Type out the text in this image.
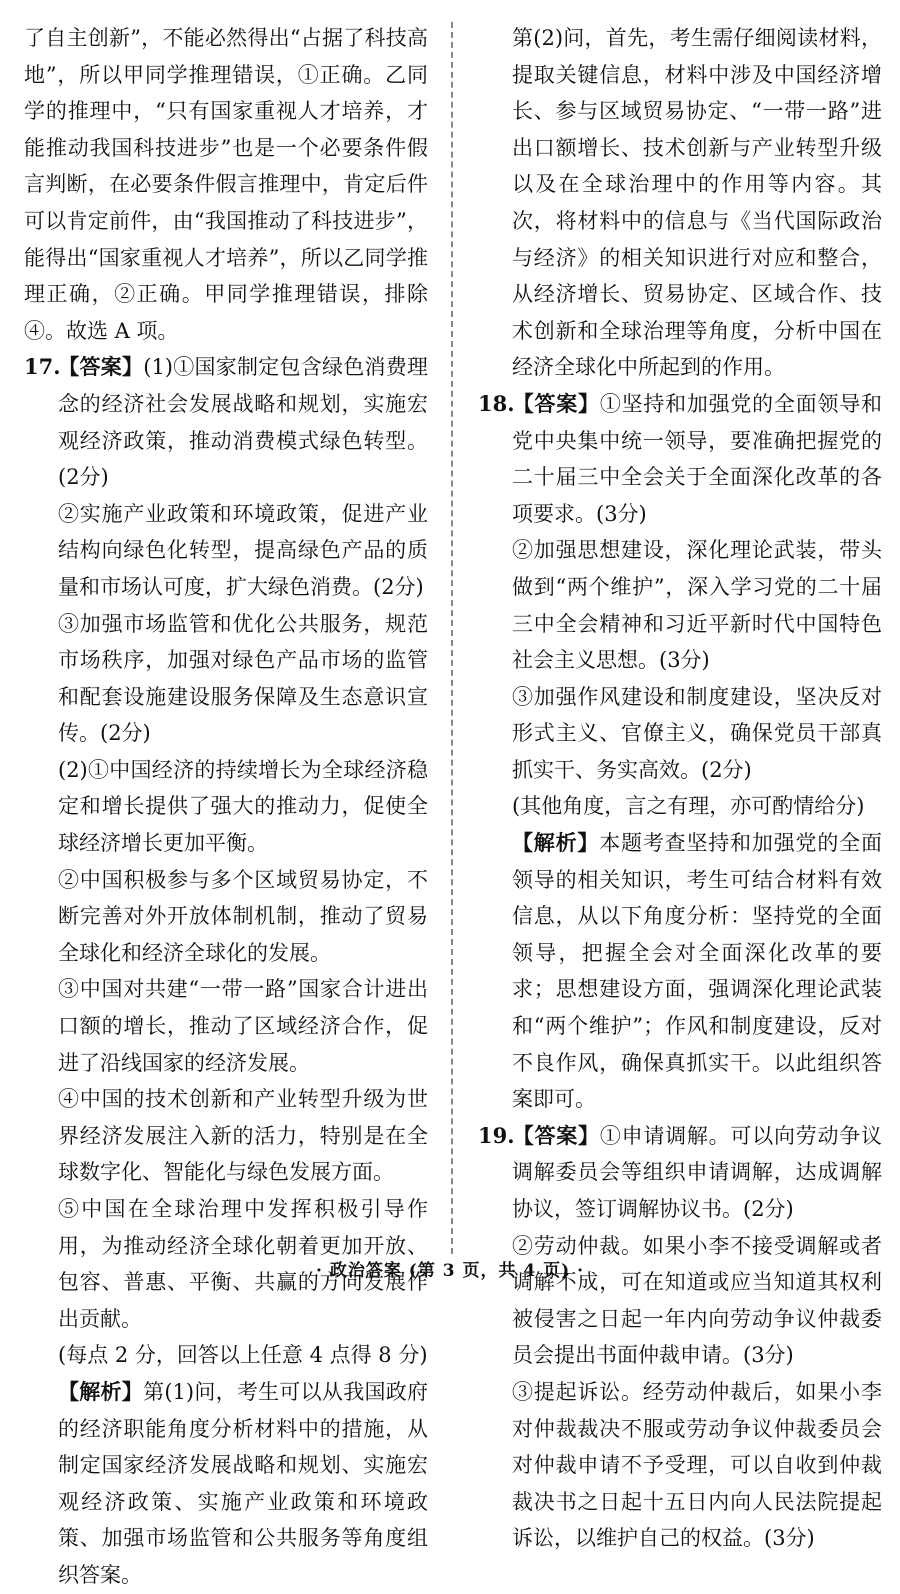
了自主创新”，不能必然得出“占据了科技高地”，所以甲同学推理错误，①正确。乙同学的推理中，“只有国家重视人才培养，才能推动我国科技进步”也是一个必要条件假言判断，在必要条件假言推理中，肯定后件可以肯定前件，由“我国推动了科技进步”，能得出“国家重视人才培养”，所以乙同学推理正确，②正确。甲同学推理错误，排除④。故选 A 项。

17.【答案】(1)①国家制定包含绿色消费理念的经济社会发展战略和规划，实施宏观经济政策，推动消费模式绿色转型。(2分)

②实施产业政策和环境政策，促进产业结构向绿色化转型，提高绿色产品的质量和市场认可度，扩大绿色消费。(2分)

③加强市场监管和优化公共服务，规范市场秩序，加强对绿色产品市场的监管和配套设施建设服务保障及生态意识宣传。(2分)

(2)①中国经济的持续增长为全球经济稳定和增长提供了强大的推动力，促使全球经济增长更加平衡。

②中国积极参与多个区域贸易协定，不断完善对外开放体制机制，推动了贸易全球化和经济全球化的发展。

③中国对共建“一带一路”国家合计进出口额的增长，推动了区域经济合作，促进了沿线国家的经济发展。

④中国的技术创新和产业转型升级为世界经济发展注入新的活力，特别是在全球数字化、智能化与绿色发展方面。

⑤中国在全球治理中发挥积极引导作用，为推动经济全球化朝着更加开放、包容、普惠、平衡、共赢的方向发展作出贡献。

(每点 2 分，回答以上任意 4 点得 8 分)

【解析】第(1)问，考生可以从我国政府的经济职能角度分析材料中的措施，从制定国家经济发展战略和规划、实施宏观经济政策、实施产业政策和环境政策、加强市场监管和公共服务等角度组织答案。

第(2)问，首先，考生需仔细阅读材料，提取关键信息，材料中涉及中国经济增长、参与区域贸易协定、“一带一路”进出口额增长、技术创新与产业转型升级以及在全球治理中的作用等内容。其次，将材料中的信息与《当代国际政治与经济》的相关知识进行对应和整合，从经济增长、贸易协定、区域合作、技术创新和全球治理等角度，分析中国在经济全球化中所起到的作用。

18.【答案】①坚持和加强党的全面领导和党中央集中统一领导，要准确把握党的二十届三中全会关于全面深化改革的各项要求。(3分)

②加强思想建设，深化理论武装，带头做到“两个维护”，深入学习党的二十届三中全会精神和习近平新时代中国特色社会主义思想。(3分)

③加强作风建设和制度建设，坚决反对形式主义、官僚主义，确保党员干部真抓实干、务实高效。(2分)

(其他角度，言之有理，亦可酌情给分)

【解析】本题考查坚持和加强党的全面领导的相关知识，考生可结合材料有效信息，从以下角度分析：坚持党的全面领导，把握全会对全面深化改革的要求；思想建设方面，强调深化理论武装和“两个维护”；作风和制度建设，反对不良作风，确保真抓实干。以此组织答案即可。

19.【答案】①申请调解。可以向劳动争议调解委员会等组织申请调解，达成调解协议，签订调解协议书。(2分)

②劳动仲裁。如果小李不接受调解或者调解不成，可在知道或应当知道其权利被侵害之日起一年内向劳动争议仲裁委员会提出书面仲裁申请。(3分)

③提起诉讼。经劳动仲裁后，如果小李对仲裁裁决不服或劳动争议仲裁委员会对仲裁申请不予受理，可以自收到仲裁裁决书之日起十五日内向人民法院提起诉讼，以维护自己的权益。(3分)

· 政治答案 (第 3 页，共 4 页) ·
